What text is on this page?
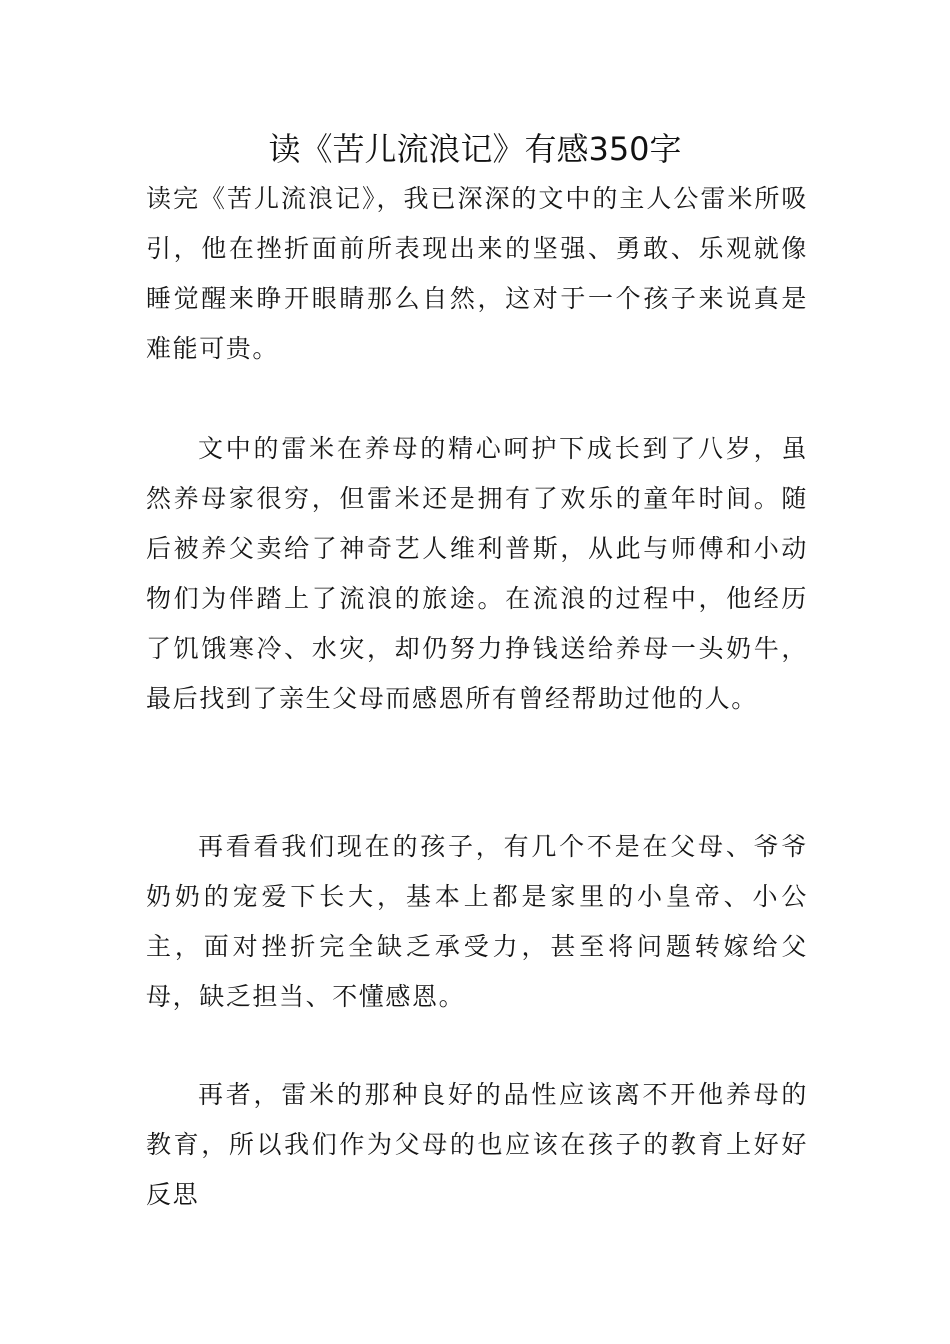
读《苦儿流浪记》有感350字

读完《苦儿流浪记》，我已深深的文中的主人公雷米所吸引，他在挫折面前所表现出来的坚强、勇敢、乐观就像睡觉醒来睁开眼睛那么自然，这对于一个孩子来说真是难能可贵。

文中的雷米在养母的精心呵护下成长到了八岁，虽然养母家很穷，但雷米还是拥有了欢乐的童年时间。随后被养父卖给了神奇艺人维利普斯，从此与师傅和小动物们为伴踏上了流浪的旅途。在流浪的过程中，他经历了饥饿寒冷、水灾，却仍努力挣钱送给养母一头奶牛，最后找到了亲生父母而感恩所有曾经帮助过他的人。

再看看我们现在的孩子，有几个不是在父母、爷爷奶奶的宠爱下长大，基本上都是家里的小皇帝、小公主，面对挫折完全缺乏承受力，甚至将问题转嫁给父母，缺乏担当、不懂感恩。

再者，雷米的那种良好的品性应该离不开他养母的教育，所以我们作为父母的也应该在孩子的教育上好好反思
